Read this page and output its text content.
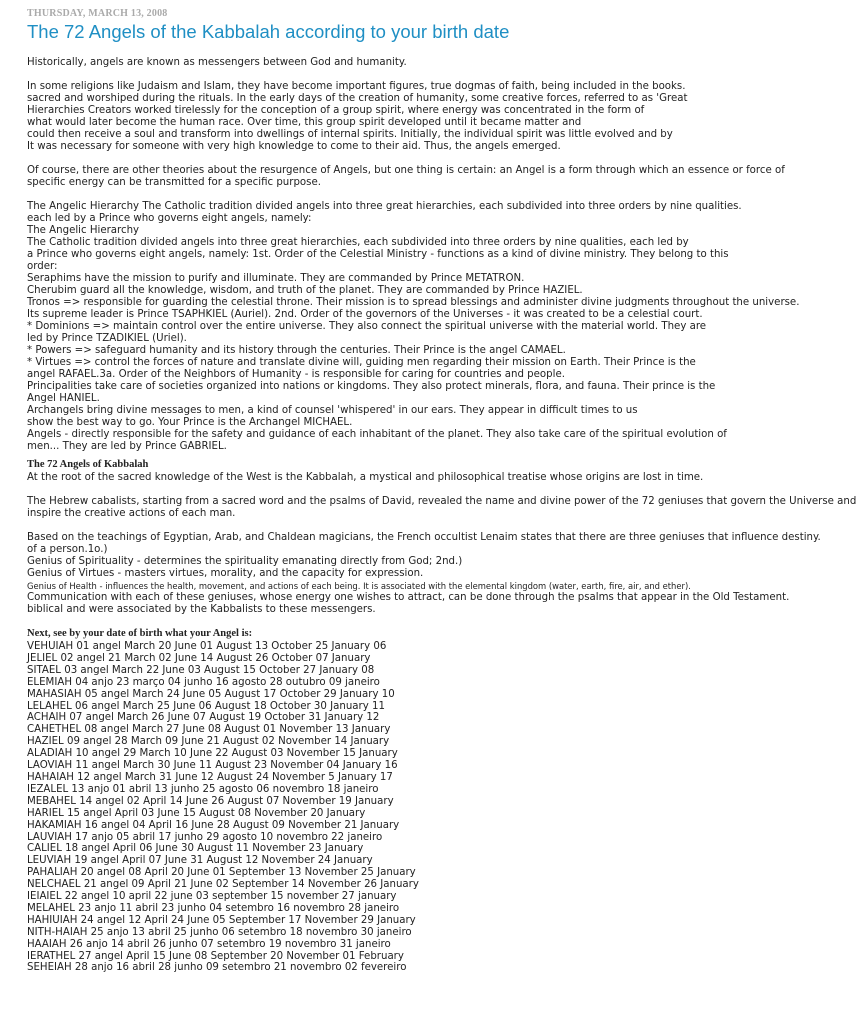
THURSDAY, MARCH 13, 2008
The 72 Angels of the Kabbalah according to your birth date
Historically, angels are known as messengers between God and humanity.
In some religions like Judaism and Islam, they have become important figures, true dogmas of faith, being included in the books.
sacred and worshiped during the rituals. In the early days of the creation of humanity, some creative forces, referred to as 'Great
Hierarchies Creators worked tirelessly for the conception of a group spirit, where energy was concentrated in the form of
what would later become the human race. Over time, this group spirit developed until it became matter and
could then receive a soul and transform into dwellings of internal spirits. Initially, the individual spirit was little evolved and by
It was necessary for someone with very high knowledge to come to their aid. Thus, the angels emerged.
Of course, there are other theories about the resurgence of Angels, but one thing is certain: an Angel is a form through which an essence or force of
specific energy can be transmitted for a specific purpose.
The Angelic Hierarchy The Catholic tradition divided angels into three great hierarchies, each subdivided into three orders by nine qualities.
each led by a Prince who governs eight angels, namely:
The Angelic Hierarchy
The Catholic tradition divided angels into three great hierarchies, each subdivided into three orders by nine qualities, each led by
a Prince who governs eight angels, namely: 1st. Order of the Celestial Ministry - functions as a kind of divine ministry. They belong to this
order:
Seraphims have the mission to purify and illuminate. They are commanded by Prince METATRON.
Cherubim guard all the knowledge, wisdom, and truth of the planet. They are commanded by Prince HAZIEL.
Tronos => responsible for guarding the celestial throne. Their mission is to spread blessings and administer divine judgments throughout the universe.
Its supreme leader is Prince TSAPHKIEL (Auriel). 2nd. Order of the governors of the Universes - it was created to be a celestial court.
* Dominions => maintain control over the entire universe. They also connect the spiritual universe with the material world. They are
led by Prince TZADIKIEL (Uriel).
* Powers => safeguard humanity and its history through the centuries. Their Prince is the angel CAMAEL.
* Virtues => control the forces of nature and translate divine will, guiding men regarding their mission on Earth. Their Prince is the
angel RAFAEL.3a. Order of the Neighbors of Humanity - is responsible for caring for countries and people.
Principalities take care of societies organized into nations or kingdoms. They also protect minerals, flora, and fauna. Their prince is the
Angel HANIEL.
Archangels bring divine messages to men, a kind of counsel 'whispered' in our ears. They appear in difficult times to us
show the best way to go. Your Prince is the Archangel MICHAEL.
Angels - directly responsible for the safety and guidance of each inhabitant of the planet. They also take care of the spiritual evolution of
men... They are led by Prince GABRIEL.
The 72 Angels of Kabbalah
At the root of the sacred knowledge of the West is the Kabbalah, a mystical and philosophical treatise whose origins are lost in time.
The Hebrew cabalists, starting from a sacred word and the psalms of David, revealed the name and divine power of the 72 geniuses that govern the Universe and
inspire the creative actions of each man.
Based on the teachings of Egyptian, Arab, and Chaldean magicians, the French occultist Lenaim states that there are three geniuses that influence destiny.
of a person.1o.)
Genius of Spirituality - determines the spirituality emanating directly from God; 2nd.)
Genius of Virtues - masters virtues, morality, and the capacity for expression.
Genius of Health - influences the health, movement, and actions of each being. It is associated with the elemental kingdom (water, earth, fire, air, and ether).
Communication with each of these geniuses, whose energy one wishes to attract, can be done through the psalms that appear in the Old Testament.
biblical and were associated by the Kabbalists to these messengers.
Next, see by your date of birth what your Angel is:
VEHUIAH 01 angel March 20 June 01 August 13 October 25 January 06
JELIEL 02 angel 21 March 02 June 14 August 26 October 07 January
SITAEL 03 angel March 22 June 03 August 15 October 27 January 08
ELEMIAH 04 anjo 23 março 04 junho 16 agosto 28 outubro 09 janeiro
MAHASIAH 05 angel March 24 June 05 August 17 October 29 January 10
LELAHEL 06 angel March 25 June 06 August 18 October 30 January 11
ACHAIH 07 angel March 26 June 07 August 19 October 31 January 12
CAHETHEL 08 angel March 27 June 08 August 01 November 13 January
HAZIEL 09 angel 28 March 09 June 21 August 02 November 14 January
ALADIAH 10 angel 29 March 10 June 22 August 03 November 15 January
LAOVIAH 11 angel March 30 June 11 August 23 November 04 January 16
HAHAIAH 12 angel March 31 June 12 August 24 November 5 January 17
IEZALEL 13 anjo 01 abril 13 junho 25 agosto 06 novembro 18 janeiro
MEBAHEL 14 angel 02 April 14 June 26 August 07 November 19 January
HARIEL 15 angel April 03 June 15 August 08 November 20 January
HAKAMIAH 16 angel 04 April 16 June 28 August 09 November 21 January
LAUVIAH 17 anjo 05 abril 17 junho 29 agosto 10 novembro 22 janeiro
CALIEL 18 angel April 06 June 30 August 11 November 23 January
LEUVIAH 19 angel April 07 June 31 August 12 November 24 January
PAHALIAH 20 angel 08 April 20 June 01 September 13 November 25 January
NELCHAEL 21 angel 09 April 21 June 02 September 14 November 26 January
IEIAIEL 22 angel 10 april 22 june 03 september 15 november 27 january
MELAHEL 23 anjo 11 abril 23 junho 04 setembro 16 novembro 28 janeiro
HAHIUIAH 24 angel 12 April 24 June 05 September 17 November 29 January
NITH-HAIAH 25 anjo 13 abril 25 junho 06 setembro 18 novembro 30 janeiro
HAAIAH 26 anjo 14 abril 26 junho 07 setembro 19 novembro 31 janeiro
IERATHEL 27 angel April 15 June 08 September 20 November 01 February
SEHEIAH 28 anjo 16 abril 28 junho 09 setembro 21 novembro 02 fevereiro
